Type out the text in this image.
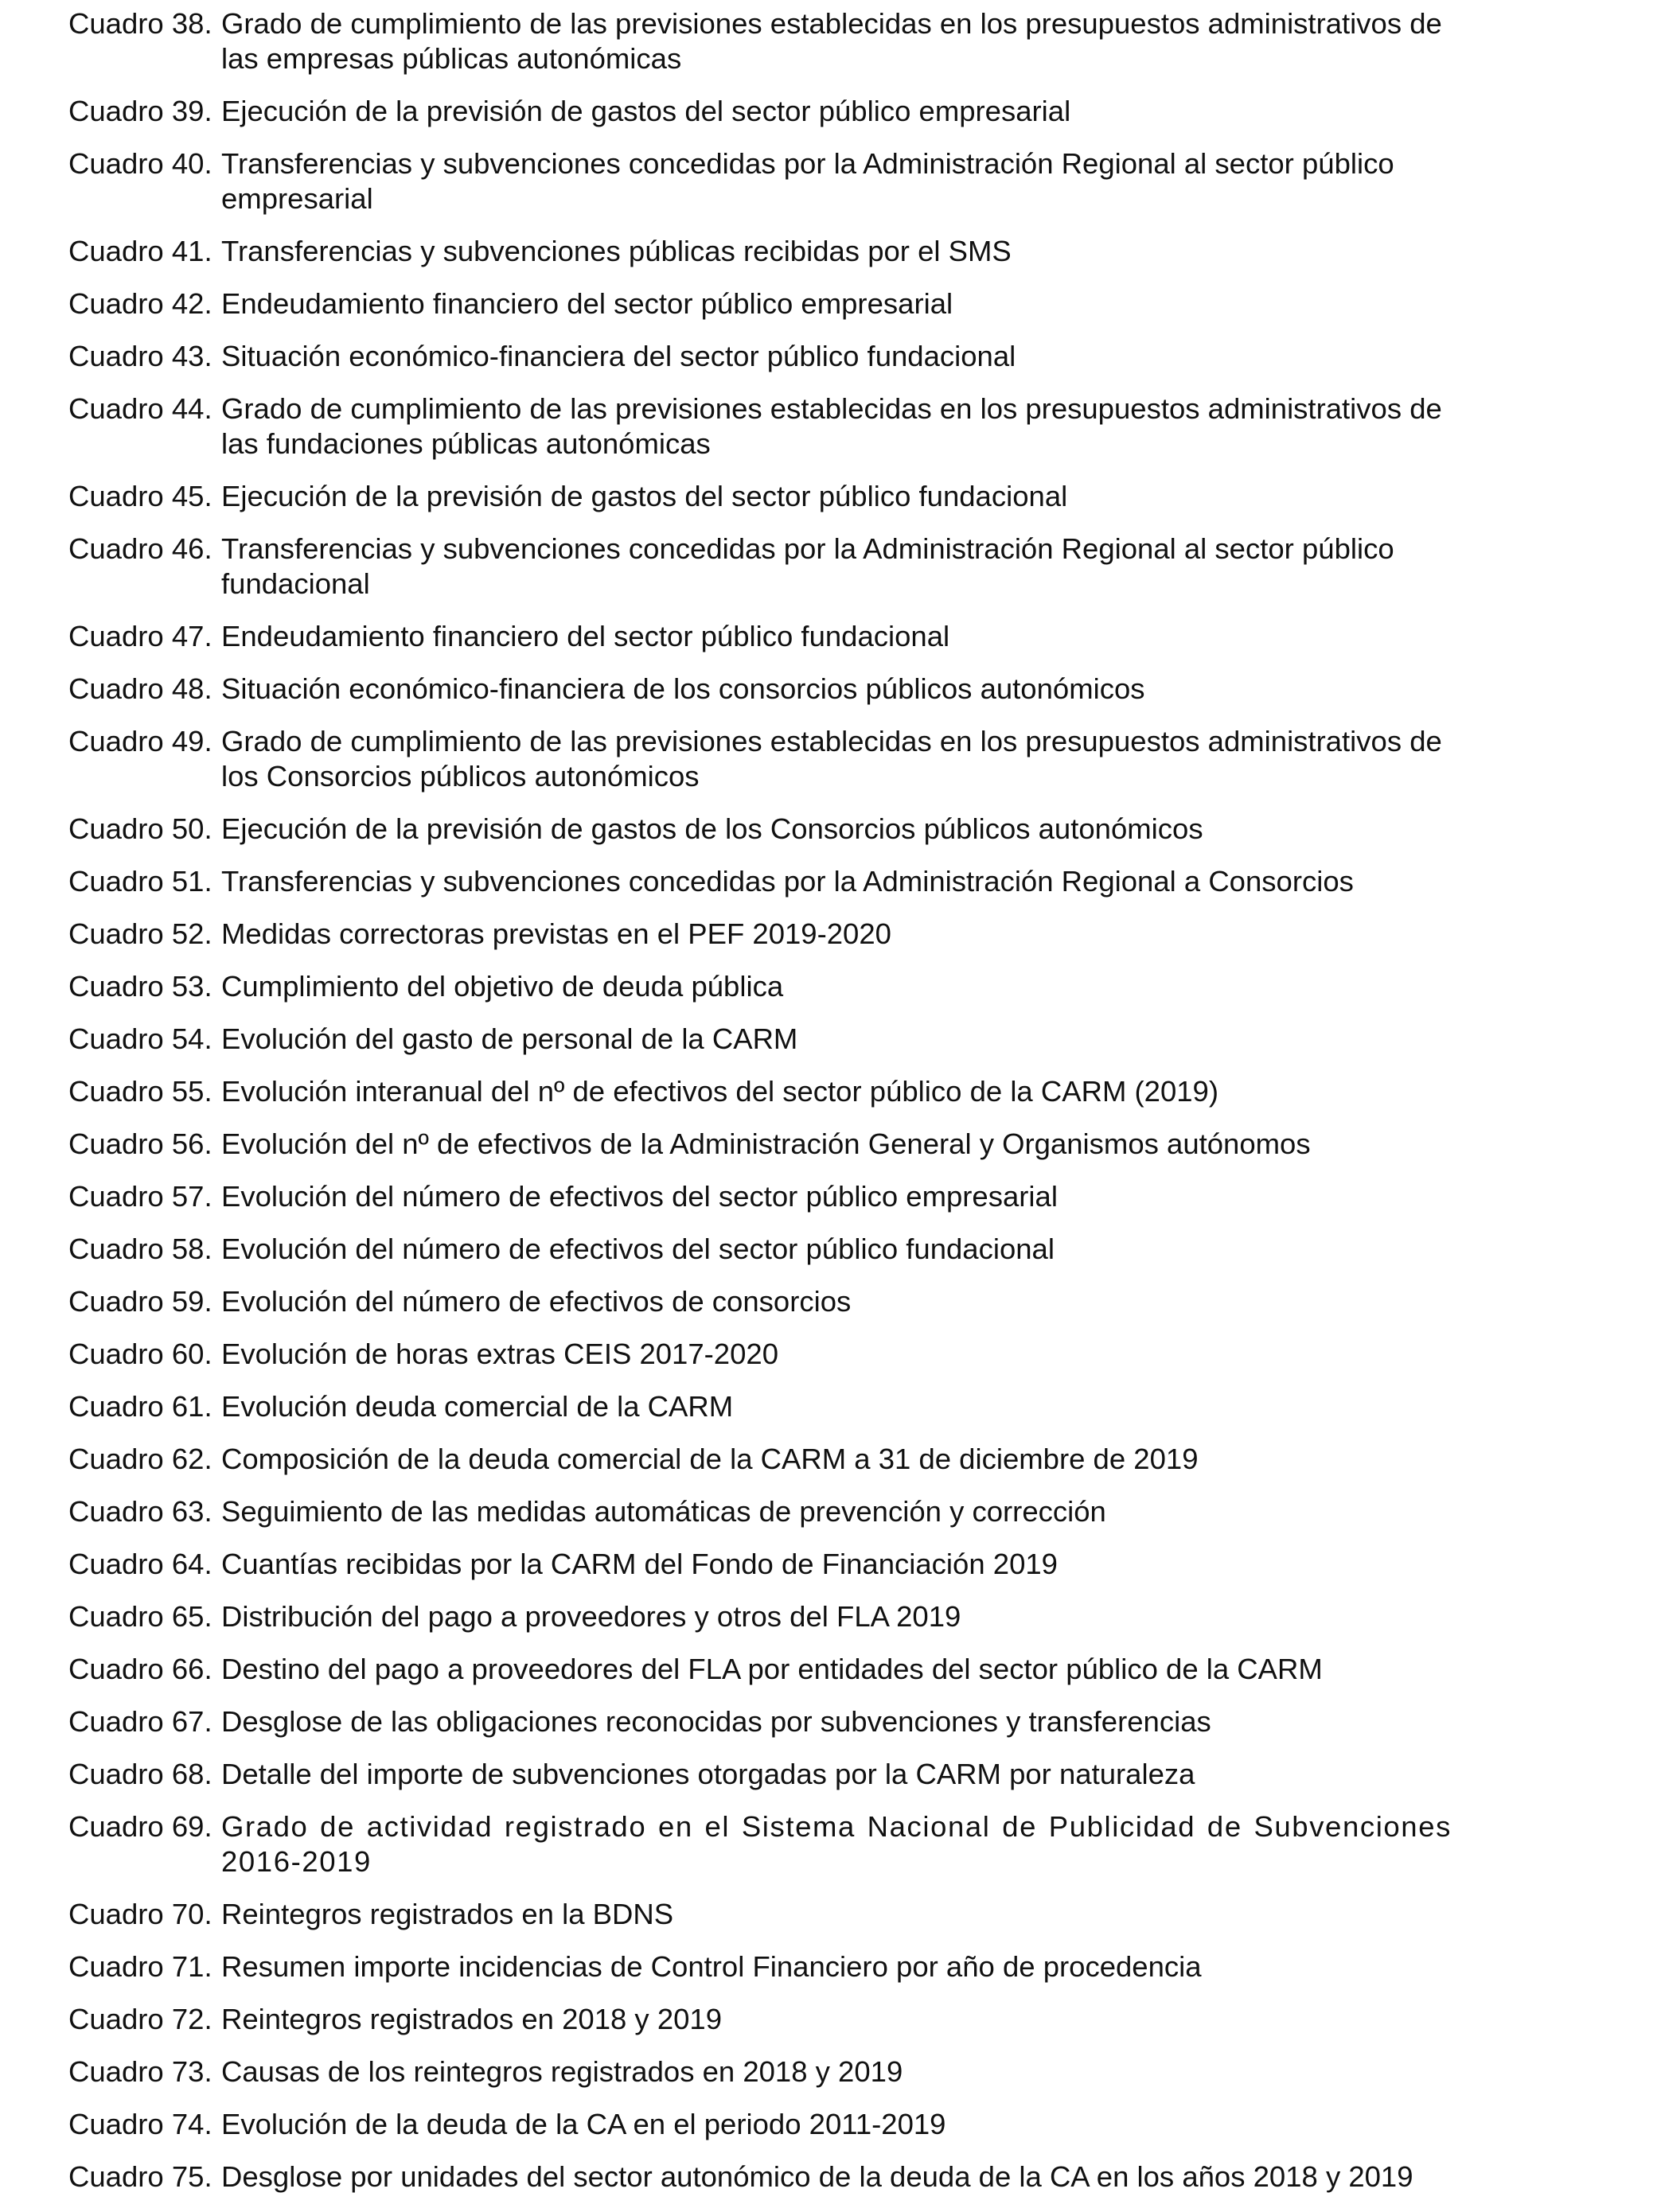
Cuadro 38. Grado de cumplimiento de las previsiones establecidas en los presupuestos administrativos de
las empresas públicas autonómicas
Cuadro 39. Ejecución de la previsión de gastos del sector público empresarial
Cuadro 40. Transferencias y subvenciones concedidas por la Administración Regional al sector público
empresarial
Cuadro 41. Transferencias y subvenciones públicas recibidas por el SMS
Cuadro 42. Endeudamiento financiero del sector público empresarial
Cuadro 43. Situación económico-financiera del sector público fundacional
Cuadro 44. Grado de cumplimiento de las previsiones establecidas en los presupuestos administrativos de
las fundaciones públicas autonómicas
Cuadro 45. Ejecución de la previsión de gastos del sector público fundacional
Cuadro 46. Transferencias y subvenciones concedidas por la Administración Regional al sector público
fundacional
Cuadro 47. Endeudamiento financiero del sector público fundacional
Cuadro 48. Situación económico-financiera de los consorcios públicos autonómicos
Cuadro 49. Grado de cumplimiento de las previsiones establecidas en los presupuestos administrativos de
los Consorcios públicos autonómicos
Cuadro 50. Ejecución de la previsión de gastos de los Consorcios públicos autonómicos
Cuadro 51. Transferencias y subvenciones concedidas por la Administración Regional a Consorcios
Cuadro 52. Medidas correctoras previstas en el PEF 2019-2020
Cuadro 53. Cumplimiento del objetivo de deuda pública
Cuadro 54. Evolución del gasto de personal de la CARM
Cuadro 55. Evolución interanual del nº de efectivos del sector público de la CARM (2019)
Cuadro 56. Evolución del nº de efectivos de la Administración General y Organismos autónomos
Cuadro 57. Evolución del número de efectivos del sector público empresarial
Cuadro 58. Evolución del número de efectivos del sector público fundacional
Cuadro 59. Evolución del número de efectivos de consorcios
Cuadro 60. Evolución de horas extras CEIS 2017-2020
Cuadro 61. Evolución deuda comercial de la CARM
Cuadro 62. Composición de la deuda comercial de la CARM a 31 de diciembre de 2019
Cuadro 63. Seguimiento de las medidas automáticas de prevención y corrección
Cuadro 64. Cuantías recibidas por la CARM del Fondo de Financiación 2019
Cuadro 65. Distribución del pago a proveedores y otros del FLA 2019
Cuadro 66. Destino del pago a proveedores del FLA por entidades del sector público de la CARM
Cuadro 67. Desglose de las obligaciones reconocidas por subvenciones y transferencias
Cuadro 68. Detalle del importe de subvenciones otorgadas por la CARM por naturaleza
Cuadro 69. Grado de actividad registrado en el Sistema Nacional de Publicidad de Subvenciones
2016-2019
Cuadro 70. Reintegros registrados en la BDNS
Cuadro 71. Resumen importe incidencias de Control Financiero por año de procedencia
Cuadro 72. Reintegros registrados en 2018 y 2019
Cuadro 73. Causas de los reintegros registrados en 2018 y 2019
Cuadro 74. Evolución de la deuda de la CA en el periodo 2011-2019
Cuadro 75. Desglose por unidades del sector autonómico de la deuda de la CA en los años 2018 y 2019
